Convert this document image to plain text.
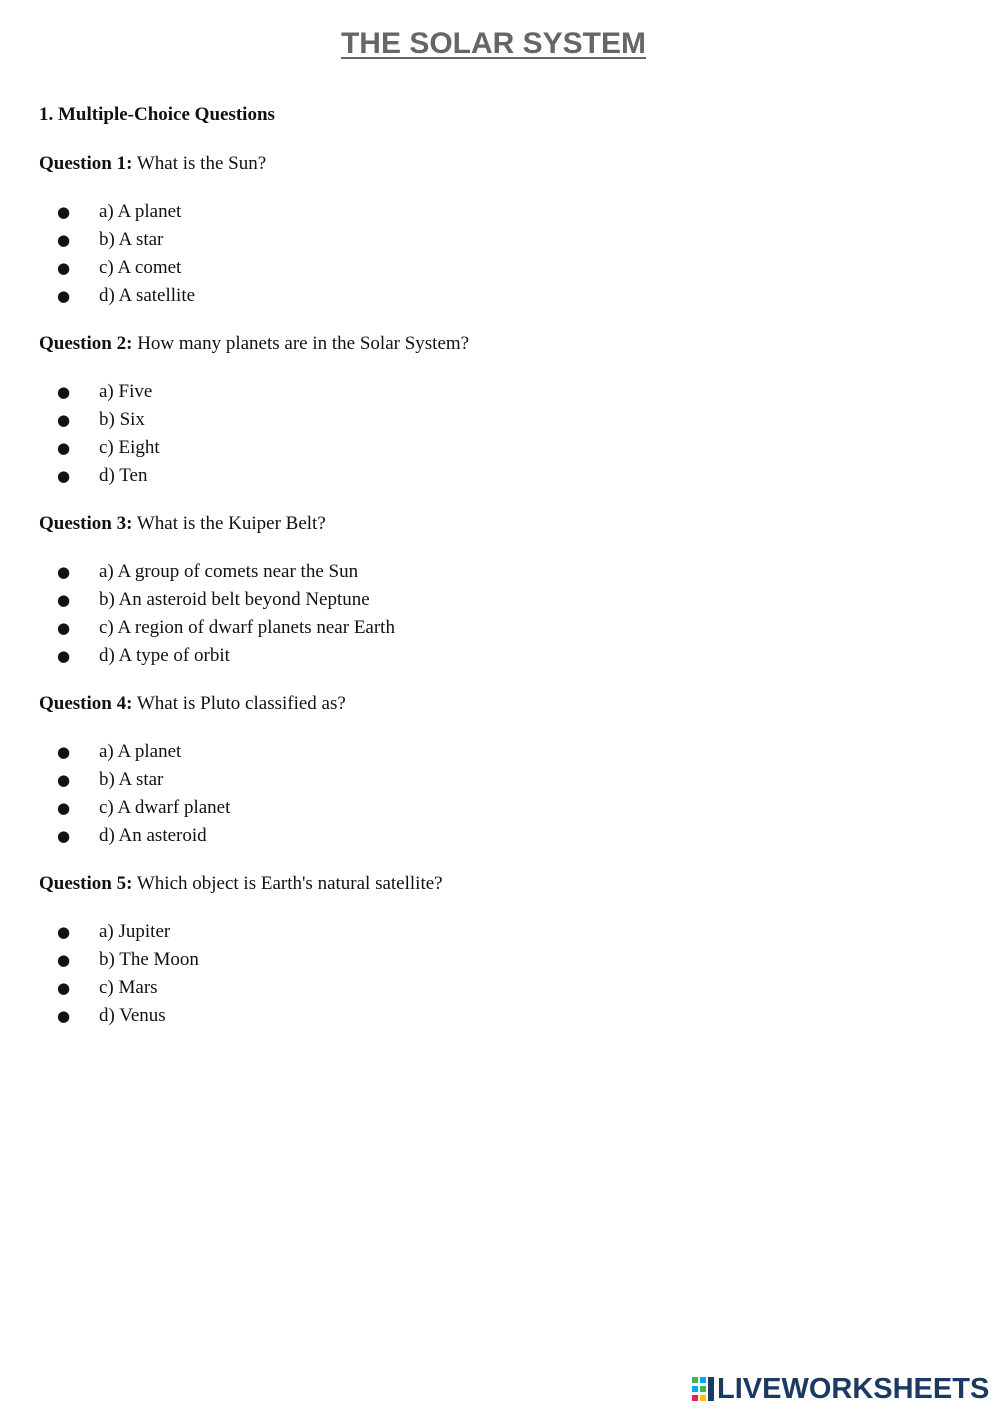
THE SOLAR SYSTEM

1. Multiple-Choice Questions

Question 1: What is the Sun?

● a) A planet
● b) A star
● c) A comet
● d) A satellite

Question 2: How many planets are in the Solar System?

● a) Five
● b) Six
● c) Eight
● d) Ten

Question 3: What is the Kuiper Belt?

● a) A group of comets near the Sun
● b) An asteroid belt beyond Neptune
● c) A region of dwarf planets near Earth
● d) A type of orbit

Question 4: What is Pluto classified as?

● a) A planet
● b) A star
● c) A dwarf planet
● d) An asteroid

Question 5: Which object is Earth's natural satellite?

● a) Jupiter
● b) The Moon
● c) Mars
● d) Venus
LIVEWORKSHEETS
